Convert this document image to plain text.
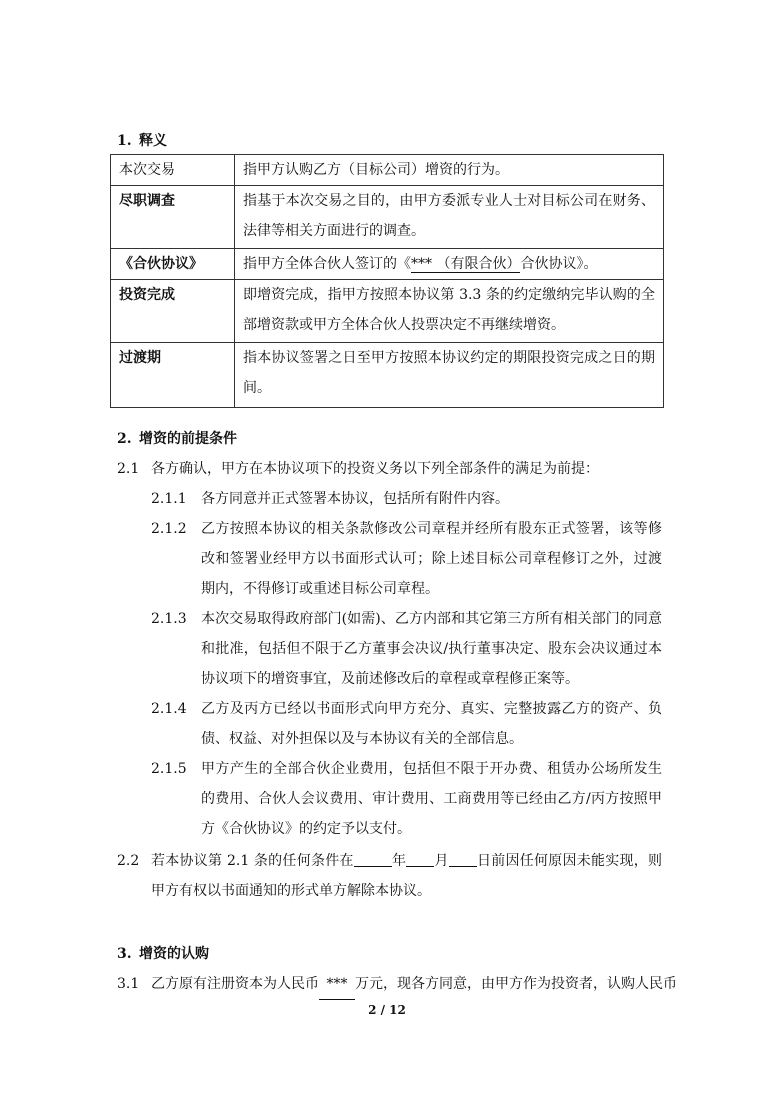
1. 释义
本次交易	指甲方认购乙方（目标公司）增资的行为。
尽职调查	指基于本次交易之目的，由甲方委派专业人士对目标公司在财务、法律等相关方面进行的调查。
《合伙协议》	指甲方全体合伙人签订的《*** （有限合伙）合伙协议》。
投资完成	即增资完成，指甲方按照本协议第 3.3 条的约定缴纳完毕认购的全部增资款或甲方全体合伙人投票决定不再继续增资。
过渡期	指本协议签署之日至甲方按照本协议约定的期限投资完成之日的期间。
2. 增资的前提条件
2.1 各方确认，甲方在本协议项下的投资义务以下列全部条件的满足为前提：
2.1.1 各方同意并正式签署本协议，包括所有附件内容。
2.1.2 乙方按照本协议的相关条款修改公司章程并经所有股东正式签署，该等修改和签署业经甲方以书面形式认可；除上述目标公司章程修订之外，过渡期内，不得修订或重述目标公司章程。
2.1.3 本次交易取得政府部门(如需)、乙方内部和其它第三方所有相关部门的同意和批准，包括但不限于乙方董事会决议/执行董事决定、股东会决议通过本协议项下的增资事宜，及前述修改后的章程或章程修正案等。
2.1.4 乙方及丙方已经以书面形式向甲方充分、真实、完整披露乙方的资产、负债、权益、对外担保以及与本协议有关的全部信息。
2.1.5 甲方产生的全部合伙企业费用，包括但不限于开办费、租赁办公场所发生的费用、合伙人会议费用、审计费用、工商费用等已经由乙方/丙方按照甲方《合伙协议》的约定予以支付。
2.2 若本协议第 2.1 条的任何条件在	年 月 日前因任何原因未能实现，则甲方有权以书面通知的形式单方解除本协议。
3. 增资的认购
3.1 乙方原有注册资本为人民币 *** 万元，现各方同意，由甲方作为投资者，认购人民币
2 / 12
